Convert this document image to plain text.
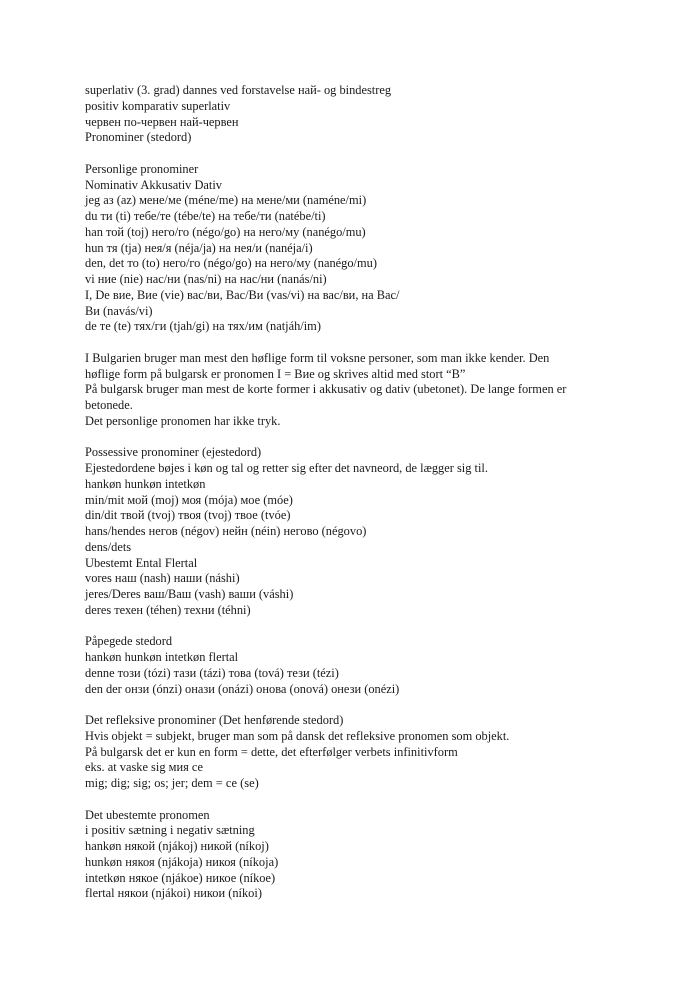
superlativ (3. grad) dannes ved forstavelse най- og bindestreg
positiv komparativ superlativ
червен по-червен най-червен
Pronominer (stedord)
Personlige pronominer
Nominativ Akkusativ Dativ
jeg аз (az) мене/ме (méne/me) на мене/ми (naméne/mi)
du ти (ti) тебе/те (tébe/te) на тебе/ти (natébe/ti)
han той (toj) него/го (négo/go) на него/му (nanégo/mu)
hun тя (tja) нея/я (néja/ja) на нея/и (nanéja/i)
den, det то (to) него/го (négo/go) на него/му (nanégo/mu)
vi ние (nie) нас/ни (nas/ni) на нас/ни (nanás/ni)
I, De вие, Вие (vie) вас/ви, Вас/Ви (vas/vi) на вас/ви, на Вас/
Ви (navás/vi)
de те (te) тях/ги (tjah/gi) на тях/им (natjáh/im)
I Bulgarien bruger man mest den høflige form til voksne personer, som man ikke kender. Den
høflige form på bulgarsk er pronomen I = Вие og skrives altid med stort “B”
På bulgarsk bruger man mest de korte former i akkusativ og dativ (ubetonet). De lange formen er
betonede.
Det personlige pronomen har ikke tryk.
Possessive pronominer (ejestedord)
Ejestedordene bøjes i køn og tal og retter sig efter det navneord, de lægger sig til.
hankøn hunkøn intetkøn
min/mit мой (moj) моя (mója) мое (móe)
din/dit твой (tvoj) твоя (tvoj) твое (tvóe)
hans/hendes негов (négov) нейн (néin) негово (négovo)
dens/dets
Ubestemt Ental Flertal
vores наш (nash) наши (náshi)
jeres/Deres ваш/Ваш (vash) ваши (váshi)
deres техен (téhen) техни (téhni)
Påpegede stedord
hankøn hunkøn intetkøn flertal
denne този (tózi) тази (tázi) това (tová) тези (tézi)
den der онзи (ónzi) онази (onázi) онова (onová) онези (onézi)
Det refleksive pronominer (Det henførende stedord)
Hvis objekt = subjekt, bruger man som på dansk det refleksive pronomen som objekt.
På bulgarsk det er kun en form = dette, det efterfølger verbets infinitivform
eks. at vaske sig мия се
mig; dig; sig; os; jer; dem = се (se)
Det ubestemte pronomen
i positiv sætning i negativ sætning
hankøn някой (njákoj) никой (níkoj)
hunkøn някоя (njákoja) никоя (níkoja)
intetkøn някое (njákoe) никое (níkoe)
flertal някои (njákoi) никои (níkoi)
